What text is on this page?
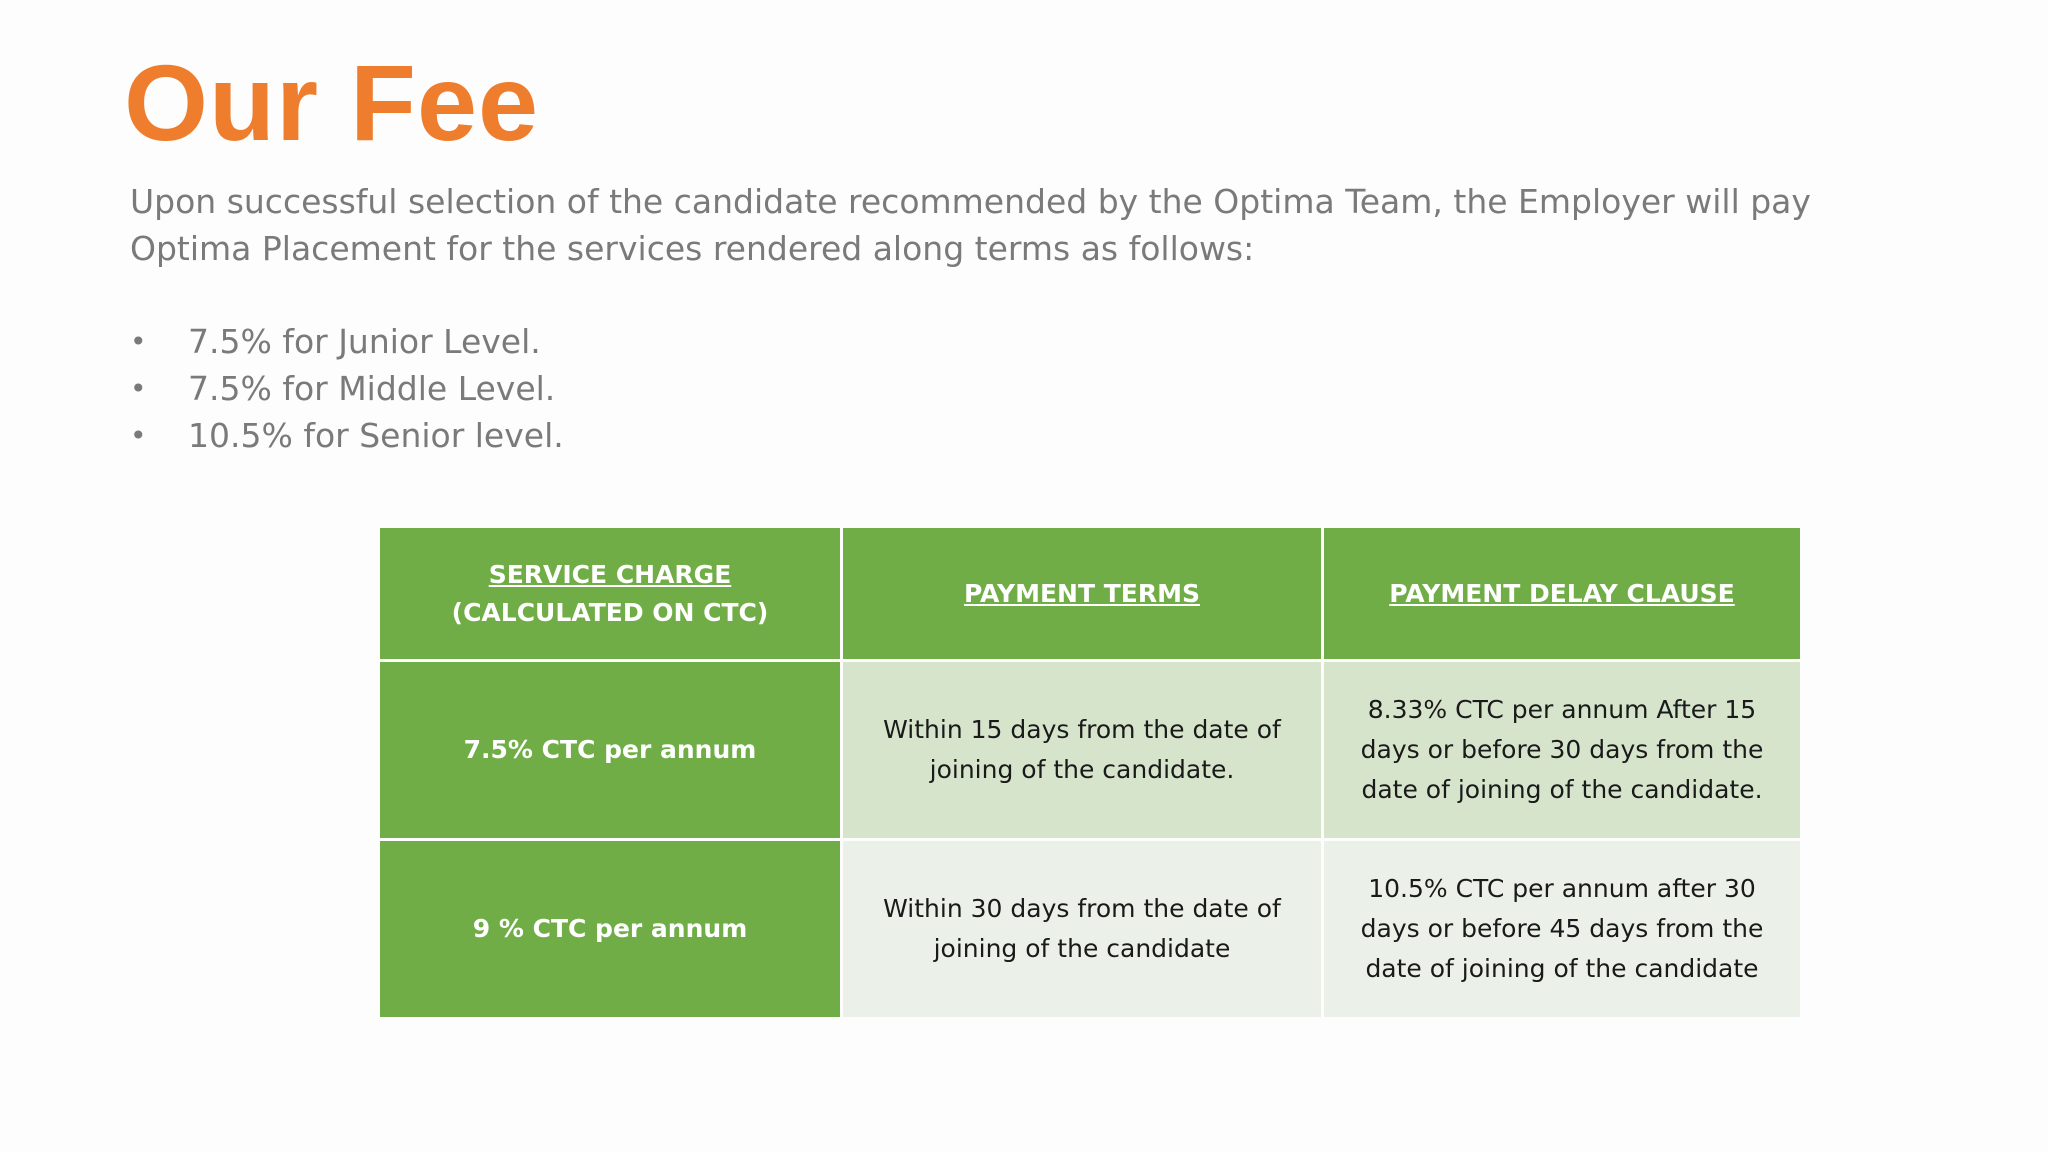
Our Fee

Upon successful selection of the candidate recommended by the Optima Team, the Employer will pay Optima Placement for the services rendered along terms as follows:

• 7.5% for Junior Level.
• 7.5% for Middle Level.
• 10.5% for Senior level.
SERVICE CHARGE
(CALCULATED ON CTC)	PAYMENT TERMS	PAYMENT DELAY CLAUSE
7.5% CTC per annum	Within 15 days from the date of joining of the candidate.	8.33% CTC per annum After 15 days or before 30 days from the date of joining of the candidate.
9 % CTC per annum	Within 30 days from the date of joining of the candidate	10.5% CTC per annum after 30 days or before 45 days from the date of joining of the candidate
